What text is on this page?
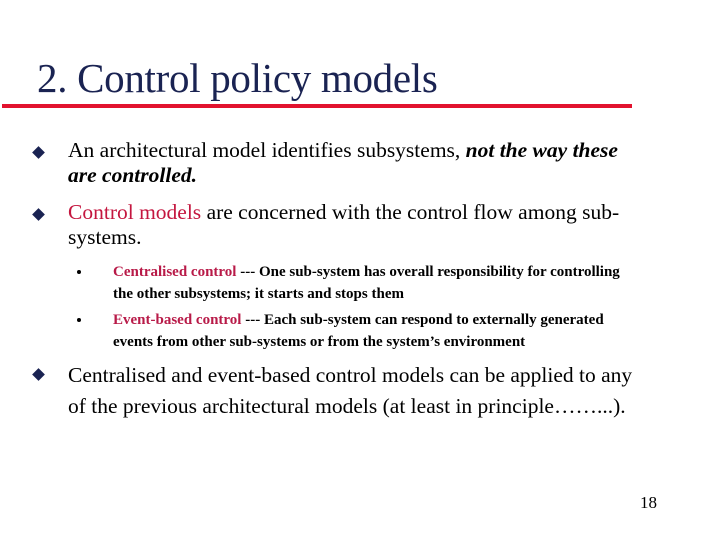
2. Control policy models
An architectural model identifies subsystems, not the way these
are controlled.
Control models are concerned with the control flow among sub-
systems.
Centralised control --- One sub-system has overall responsibility for controlling
the other subsystems; it starts and stops them
Event-based control --- Each sub-system can respond to externally generated
events from other sub-systems or from the system’s environment
Centralised and event-based control models can be applied to any
of the previous architectural models (at least in principle……...).
18
